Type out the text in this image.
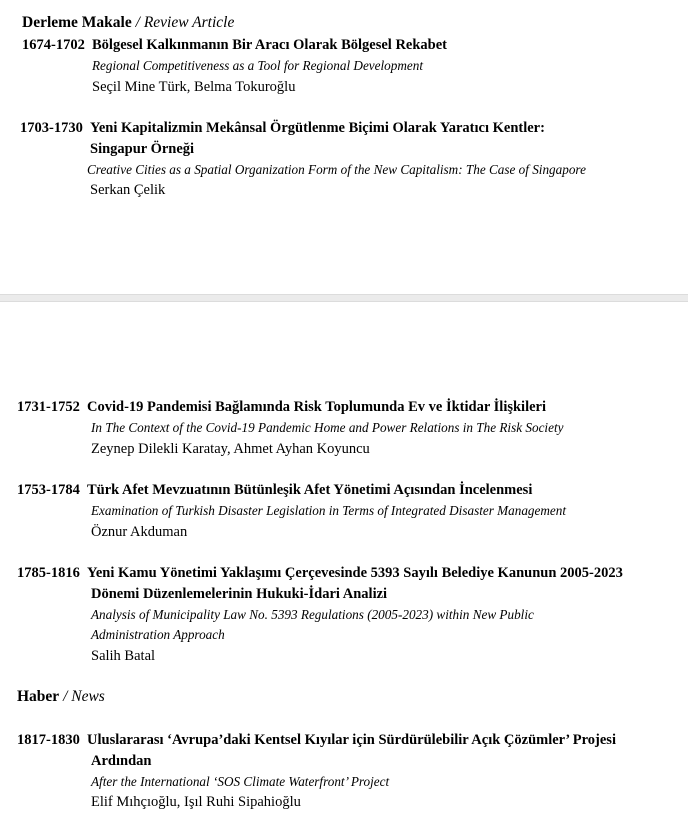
Derleme Makale / Review Article
1674-1702 Bölgesel Kalkınmanın Bir Aracı Olarak Bölgesel Rekabet
Regional Competitiveness as a Tool for Regional Development
Seçil Mine Türk, Belma Tokuroğlu
1703-1730 Yeni Kapitalizmin Mekânsal Örgütlenme Biçimi Olarak Yaratıcı Kentler:
Singapur Örneği
Creative Cities as a Spatial Organization Form of the New Capitalism: The Case of Singapore
Serkan Çelik
1731-1752 Covid-19 Pandemisi Bağlamında Risk Toplumunda Ev ve İktidar İlişkileri
In The Context of the Covid-19 Pandemic Home and Power Relations in The Risk Society
Zeynep Dilekli Karatay, Ahmet Ayhan Koyuncu
1753-1784 Türk Afet Mevzuatının Bütünleşik Afet Yönetimi Açısından İncelenmesi
Examination of Turkish Disaster Legislation in Terms of Integrated Disaster Management
Öznur Akduman
1785-1816 Yeni Kamu Yönetimi Yaklaşımı Çerçevesinde 5393 Sayılı Belediye Kanunun 2005-2023
Dönemi Düzenlemelerinin Hukuki-İdari Analizi
Analysis of Municipality Law No. 5393 Regulations (2005-2023) within New Public
Administration Approach
Salih Batal
Haber / News
1817-1830 Uluslararası ‘Avrupa’daki Kentsel Kıyılar için Sürdürülebilir Açık Çözümler’ Projesi
Ardından
After the International ‘SOS Climate Waterfront’ Project
Elif Mıhçıoğlu, Işıl Ruhi Sipahioğlu
